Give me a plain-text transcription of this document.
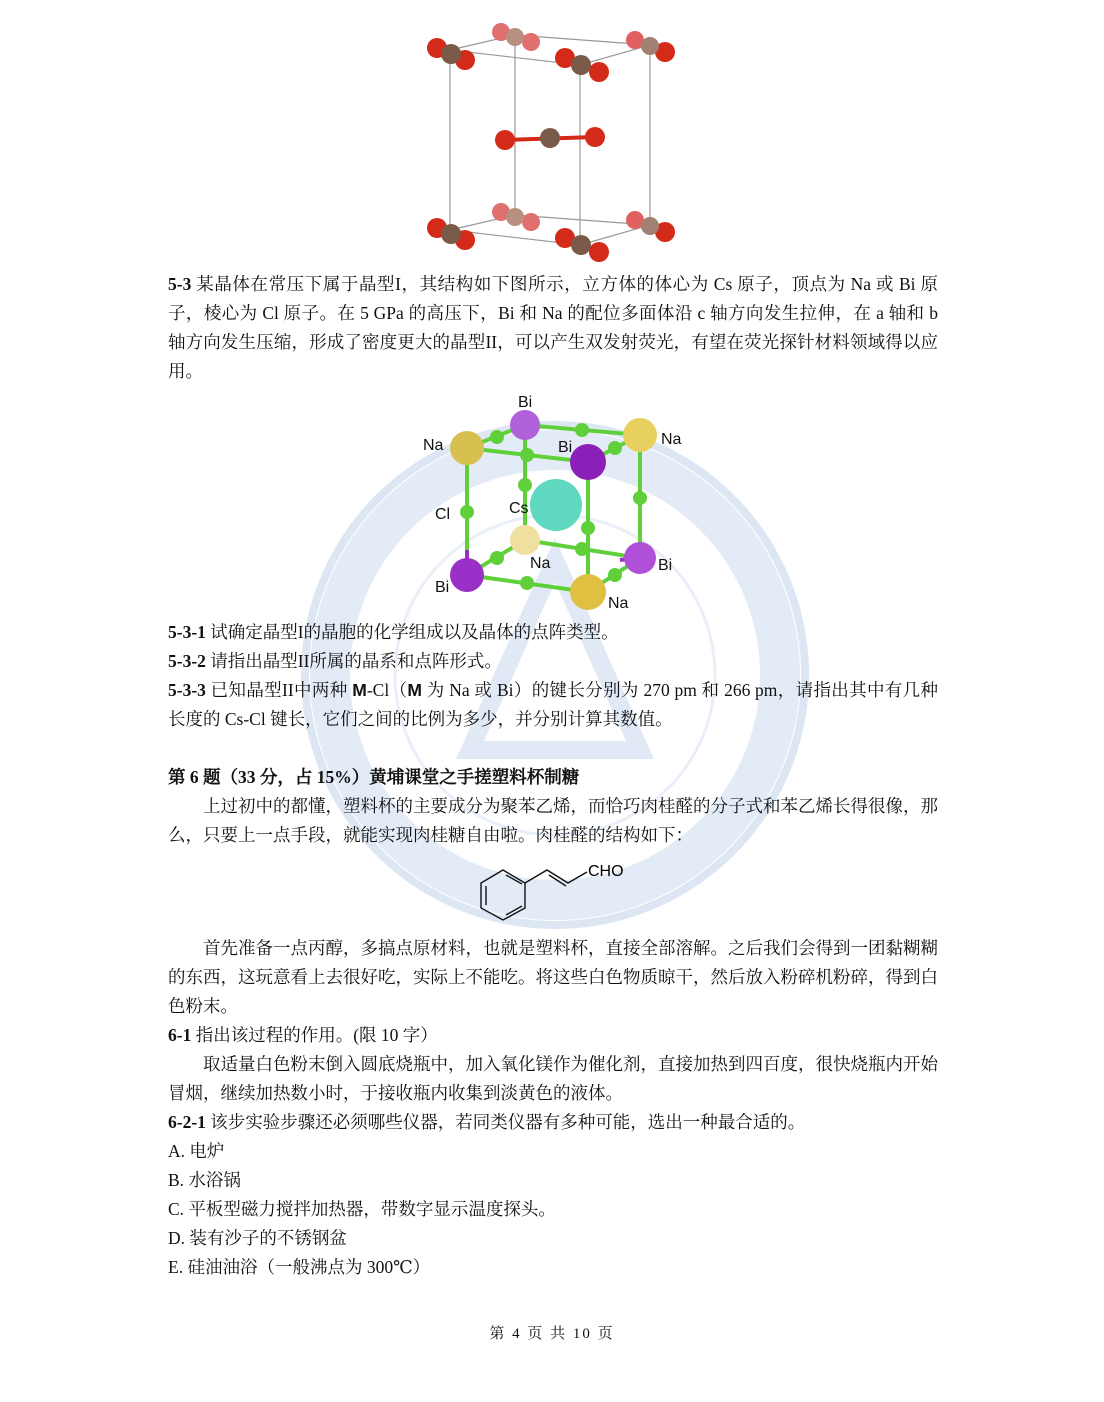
5-3 某晶体在常压下属于晶型I，其结构如下图所示，立方体的体心为 Cs 原子，顶点为 Na 或 Bi 原子，棱心为 Cl 原子。在 5 GPa 的高压下，Bi 和 Na 的配位多面体沿 c 轴方向发生拉伸，在 a 轴和 b 轴方向发生压缩，形成了密度更大的晶型II，可以产生双发射荧光，有望在荧光探针材料领域得以应用。

Bi
Na	Bi	Na
Cl	Cs
Na	Bi
Bi
Na

5-3-1 试确定晶型I的晶胞的化学组成以及晶体的点阵类型。

5-3-2 请指出晶型II所属的晶系和点阵形式。

5-3-3 已知晶型II中两种 M-Cl（M 为 Na 或 Bi）的键长分别为 270 pm 和 266 pm，请指出其中有几种长度的 Cs-Cl 键长，它们之间的比例为多少，并分别计算其数值。

第 6 题（33 分，占 15%）黄埔课堂之手搓塑料杯制糖

上过初中的都懂，塑料杯的主要成分为聚苯乙烯，而恰巧肉桂醛的分子式和苯乙烯长得很像，那么，只要上一点手段，就能实现肉桂糖自由啦。肉桂醛的结构如下：

CHO

首先准备一点丙醇，多搞点原材料，也就是塑料杯，直接全部溶解。之后我们会得到一团黏糊糊的东西，这玩意看上去很好吃，实际上不能吃。将这些白色物质晾干，然后放入粉碎机粉碎，得到白色粉末。

6-1 指出该过程的作用。(限 10 字）

取适量白色粉末倒入圆底烧瓶中，加入氧化镁作为催化剂，直接加热到四百度，很快烧瓶内开始冒烟，继续加热数小时，于接收瓶内收集到淡黄色的液体。

6-2-1 该步实验步骤还必须哪些仪器，若同类仪器有多种可能，选出一种最合适的。

A. 电炉

B. 水浴锅

C. 平板型磁力搅拌加热器，带数字显示温度探头。

D. 装有沙子的不锈钢盆

E. 硅油油浴（一般沸点为 300℃）

第 4 页 共 10 页
